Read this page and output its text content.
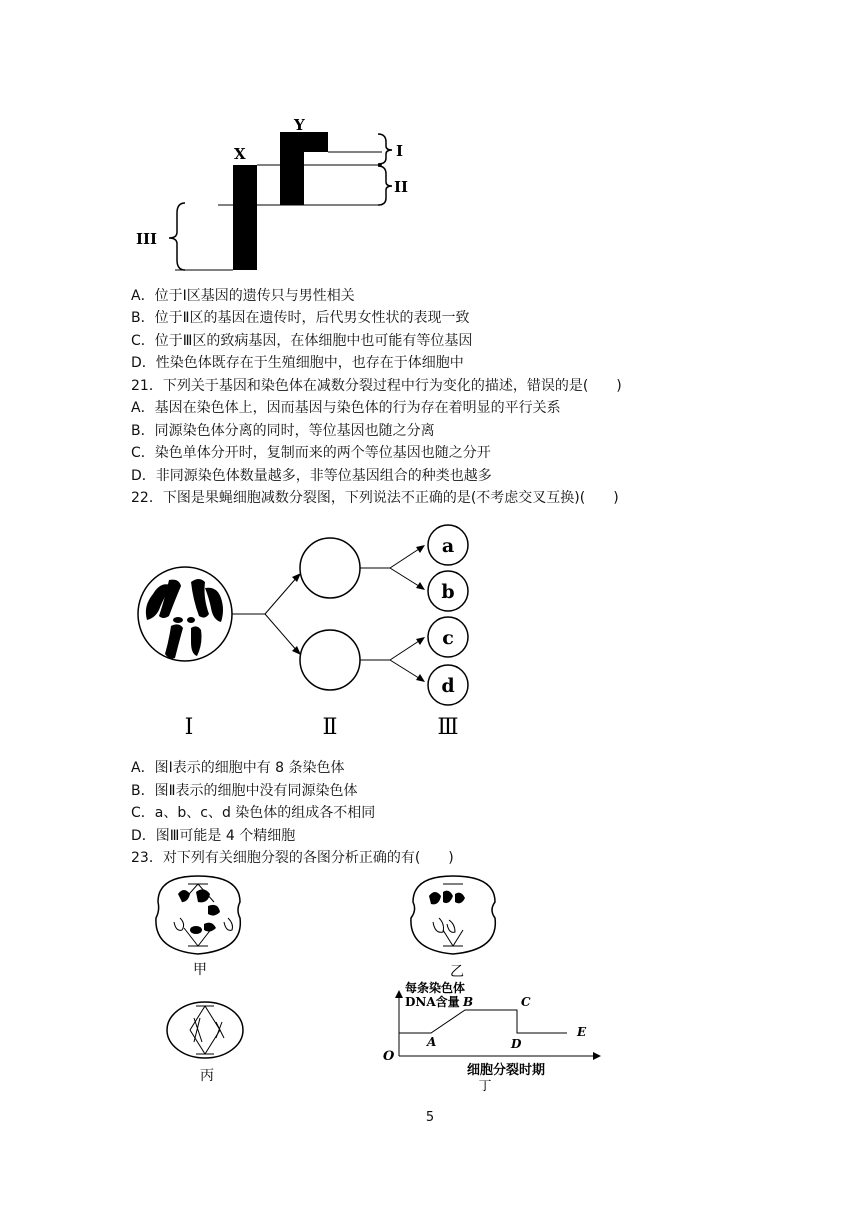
X
Y
I
II
III
A．位于Ⅰ区基因的遗传只与男性相关
B．位于Ⅱ区的基因在遗传时，后代男女性状的表现一致
C．位于Ⅲ区的致病基因，在体细胞中也可能有等位基因
D．性染色体既存在于生殖细胞中，也存在于体细胞中
21．下列关于基因和染色体在减数分裂过程中行为变化的描述，错误的是(　　)
A．基因在染色体上，因而基因与染色体的行为存在着明显的平行关系
B．同源染色体分离的同时，等位基因也随之分离
C．染色单体分开时，复制而来的两个等位基因也随之分开
D．非同源染色体数量越多，非等位基因组合的种类也越多
22．下图是果蝇细胞减数分裂图，下列说法不正确的是(不考虑交叉互换)(　　)
a
b
c
d
Ⅰ	Ⅱ	Ⅲ
A．图Ⅰ表示的细胞中有 8 条染色体
B．图Ⅱ表示的细胞中没有同源染色体
C．a、b、c、d 染色体的组成各不相同
D．图Ⅲ可能是 4 个精细胞
23．对下列有关细胞分裂的各图分析正确的有(　　)
甲	乙
丙
每条染色体
DNA含量
O
A
B	C
D
E
细胞分裂时期
丁
5
